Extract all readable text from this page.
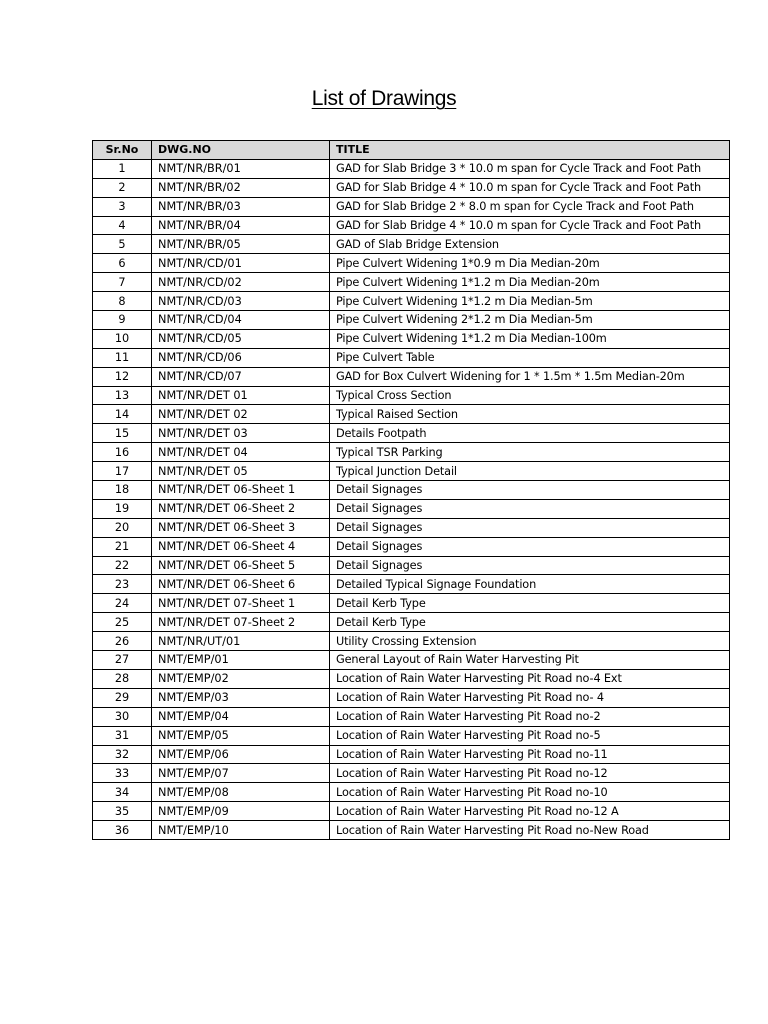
List of Drawings
Sr.No	DWG.NO	TITLE
1	NMT/NR/BR/01	GAD for Slab Bridge 3 * 10.0 m span for Cycle Track and Foot Path
2	NMT/NR/BR/02	GAD for Slab Bridge 4 * 10.0 m span for Cycle Track and Foot Path
3	NMT/NR/BR/03	GAD for Slab Bridge 2 * 8.0 m span for Cycle Track and Foot Path
4	NMT/NR/BR/04	GAD for Slab Bridge 4 * 10.0 m span for Cycle Track and Foot Path
5	NMT/NR/BR/05	GAD of Slab Bridge Extension
6	NMT/NR/CD/01	Pipe Culvert Widening 1*0.9 m Dia Median-20m
7	NMT/NR/CD/02	Pipe Culvert Widening 1*1.2 m Dia Median-20m
8	NMT/NR/CD/03	Pipe Culvert Widening 1*1.2 m Dia Median-5m
9	NMT/NR/CD/04	Pipe Culvert Widening 2*1.2 m Dia Median-5m
10	NMT/NR/CD/05	Pipe Culvert Widening 1*1.2 m Dia Median-100m
11	NMT/NR/CD/06	Pipe Culvert Table
12	NMT/NR/CD/07	GAD for Box Culvert Widening for 1 * 1.5m * 1.5m Median-20m
13	NMT/NR/DET 01	Typical Cross Section
14	NMT/NR/DET 02	Typical Raised Section
15	NMT/NR/DET 03	Details Footpath
16	NMT/NR/DET 04	Typical TSR Parking
17	NMT/NR/DET 05	Typical Junction Detail
18	NMT/NR/DET 06-Sheet 1	Detail Signages
19	NMT/NR/DET 06-Sheet 2	Detail Signages
20	NMT/NR/DET 06-Sheet 3	Detail Signages
21	NMT/NR/DET 06-Sheet 4	Detail Signages
22	NMT/NR/DET 06-Sheet 5	Detail Signages
23	NMT/NR/DET 06-Sheet 6	Detailed Typical Signage Foundation
24	NMT/NR/DET 07-Sheet 1	Detail Kerb Type
25	NMT/NR/DET 07-Sheet 2	Detail Kerb Type
26	NMT/NR/UT/01	Utility Crossing Extension
27	NMT/EMP/01	General Layout of Rain Water Harvesting Pit
28	NMT/EMP/02	Location of Rain Water Harvesting Pit Road no-4 Ext
29	NMT/EMP/03	Location of Rain Water Harvesting Pit Road no- 4
30	NMT/EMP/04	Location of Rain Water Harvesting Pit Road no-2
31	NMT/EMP/05	Location of Rain Water Harvesting Pit Road no-5
32	NMT/EMP/06	Location of Rain Water Harvesting Pit Road no-11
33	NMT/EMP/07	Location of Rain Water Harvesting Pit Road no-12
34	NMT/EMP/08	Location of Rain Water Harvesting Pit Road no-10
35	NMT/EMP/09	Location of Rain Water Harvesting Pit Road no-12 A
36	NMT/EMP/10	Location of Rain Water Harvesting Pit Road no-New Road
